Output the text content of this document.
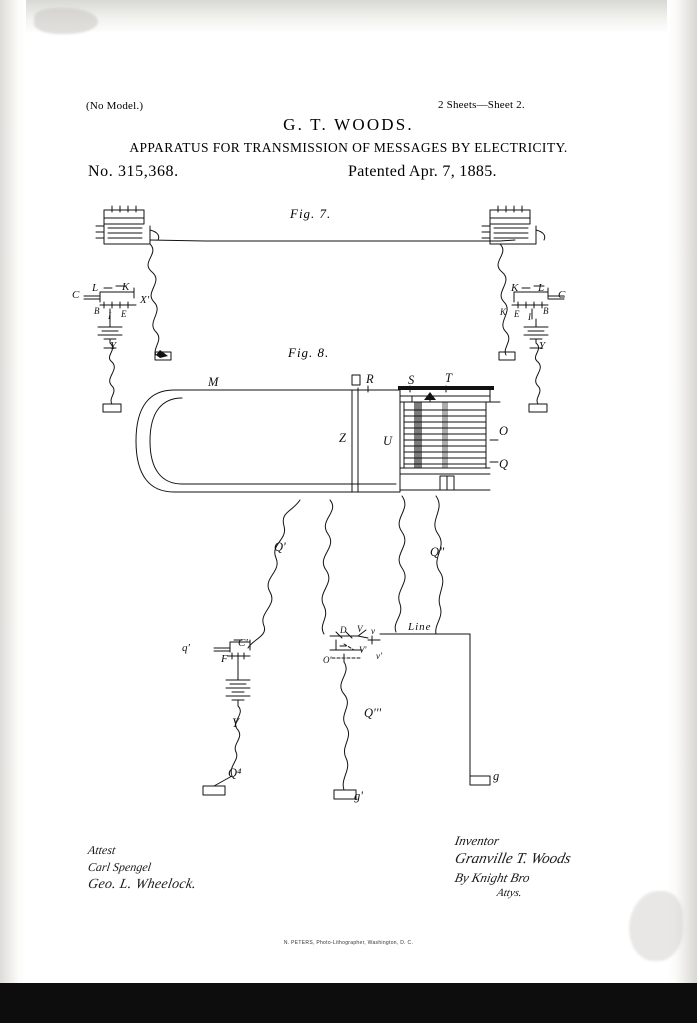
(No Model.)	2 Sheets—Sheet 2.
G. T. WOODS.
APPARATUS FOR TRANSMISSION OF MESSAGES BY ELECTRICITY.
No. 315,368.	Patented Apr. 7, 1885.
Fig. 7.
Fig. 8.
C
L K
X'
B I E
Y
K L
C
K E I
B
Y
M	R	S T
Z	U
O
Q
Q'	Q"
q'	C'
F
Y
Q⁴
D V v	Line
O'
V'
v'
Q'''
g'
g
Attest
Carl Spengel
Geo. L. Wheelock.
Inventor
Granville T. Woods
By Knight Bro
Attys.
N. PETERS, Photo-Lithographer, Washington, D. C.
